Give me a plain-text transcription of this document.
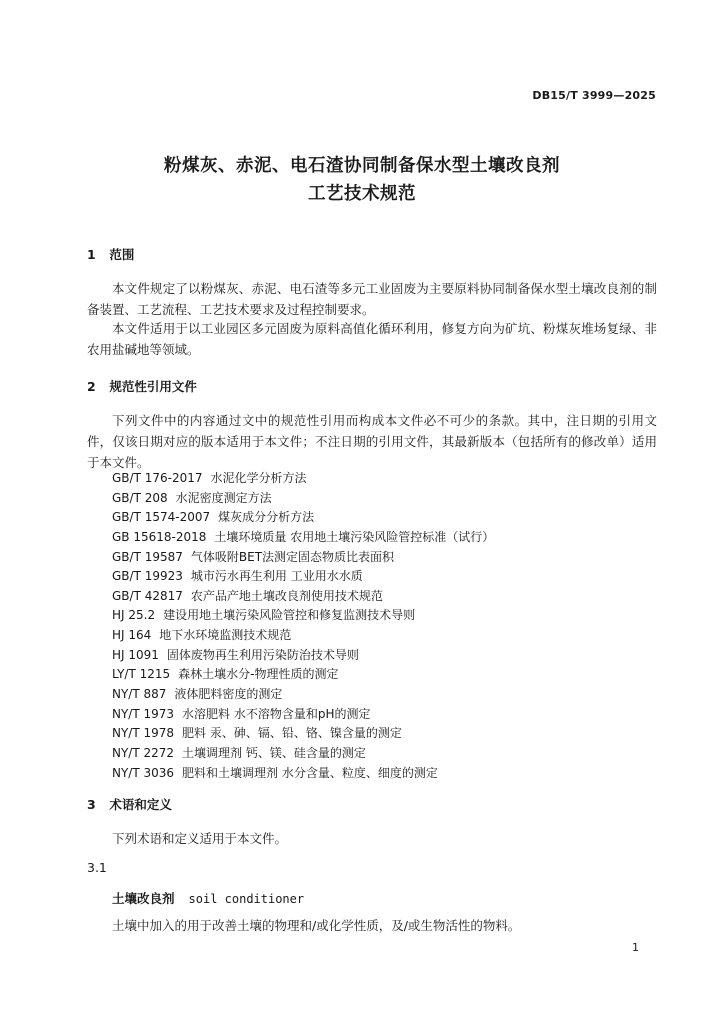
DB15/T 3999—2025
粉煤灰、赤泥、电石渣协同制备保水型土壤改良剂
工艺技术规范
1 范围

本文件规定了以粉煤灰、赤泥、电石渣等多元工业固废为主要原料协同制备保水型土壤改良剂的制备装置、工艺流程、工艺技术要求及过程控制要求。

本文件适用于以工业园区多元固废为原料高值化循环利用，修复方向为矿坑、粉煤灰堆场复绿、非农用盐碱地等领域。

2 规范性引用文件

下列文件中的内容通过文中的规范性引用而构成本文件必不可少的条款。其中，注日期的引用文件，仅该日期对应的版本适用于本文件；不注日期的引用文件，其最新版本（包括所有的修改单）适用于本文件。

GB/T 176-2017 水泥化学分析方法
GB/T 208 水泥密度测定方法
GB/T 1574-2007 煤灰成分分析方法
GB 15618-2018 土壤环境质量 农用地土壤污染风险管控标准（试行）
GB/T 19587 气体吸附BET法测定固态物质比表面积
GB/T 19923 城市污水再生利用 工业用水水质
GB/T 42817 农产品产地土壤改良剂使用技术规范
HJ 25.2 建设用地土壤污染风险管控和修复监测技术导则
HJ 164 地下水环境监测技术规范
HJ 1091 固体废物再生利用污染防治技术导则
LY/T 1215 森林土壤水分-物理性质的测定
NY/T 887 液体肥料密度的测定
NY/T 1973 水溶肥料 水不溶物含量和pH的测定
NY/T 1978 肥料 汞、砷、镉、铅、铬、镍含量的测定
NY/T 2272 土壤调理剂 钙、镁、硅含量的测定
NY/T 3036 肥料和土壤调理剂 水分含量、粒度、细度的测定
3 术语和定义

下列术语和定义适用于本文件。

3.1
土壤改良剂 soil conditioner

土壤中加入的用于改善土壤的物理和/或化学性质，及/或生物活性的物料。

1
